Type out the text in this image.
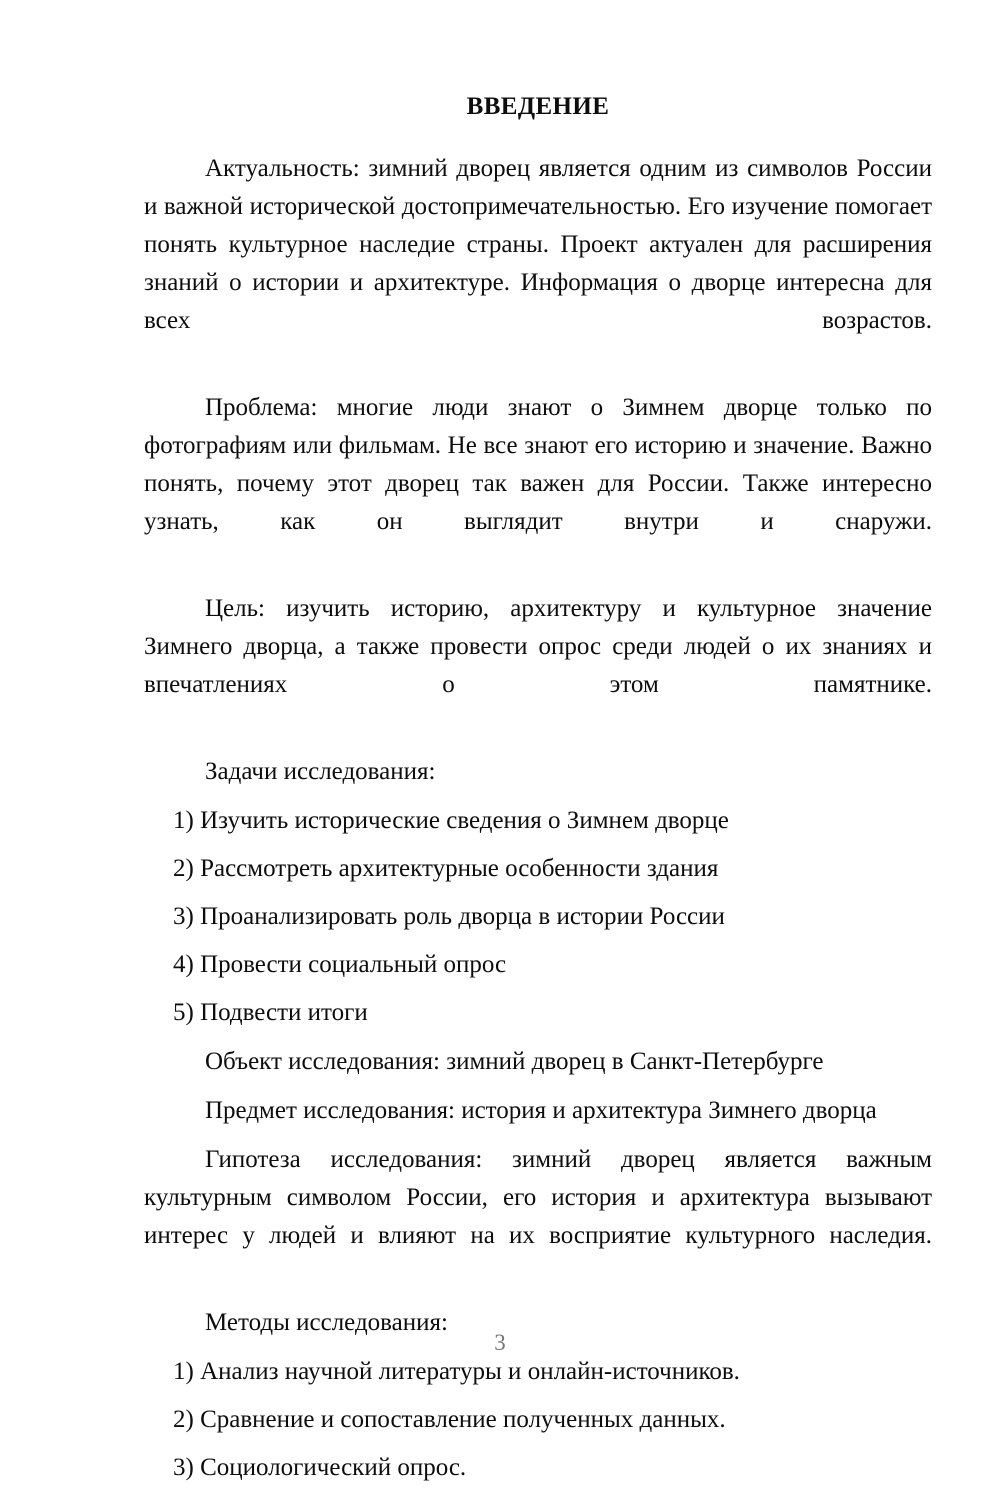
ВВЕДЕНИЕ

Актуальность: зимний дворец является одним из символов России и важной исторической достопримечательностью. Его изучение помогает понять культурное наследие страны. Проект актуален для расширения знаний о истории и архитектуре. Информация о дворце интересна для всех возрастов.

Проблема: многие люди знают о Зимнем дворце только по фотографиям или фильмам. Не все знают его историю и значение. Важно понять, почему этот дворец так важен для России. Также интересно узнать, как он выглядит внутри и снаружи.

Цель: изучить историю, архитектуру и культурное значение Зимнего дворца, а также провести опрос среди людей о их знаниях и впечатлениях о этом памятнике.

Задачи исследования:

1) Изучить исторические сведения о Зимнем дворце
2) Рассмотреть архитектурные особенности здания
3) Проанализировать роль дворца в истории России
4) Провести социальный опрос
5) Подвести итоги

Объект исследования: зимний дворец в Санкт-Петербурге

Предмет исследования: история и архитектура Зимнего дворца

Гипотеза исследования: зимний дворец является важным культурным символом России, его история и архитектура вызывают интерес у людей и влияют на их восприятие культурного наследия.

Методы исследования:

1) Анализ научной литературы и онлайн-источников.
2) Сравнение и сопоставление полученных данных.
3) Социологический опрос.
3
